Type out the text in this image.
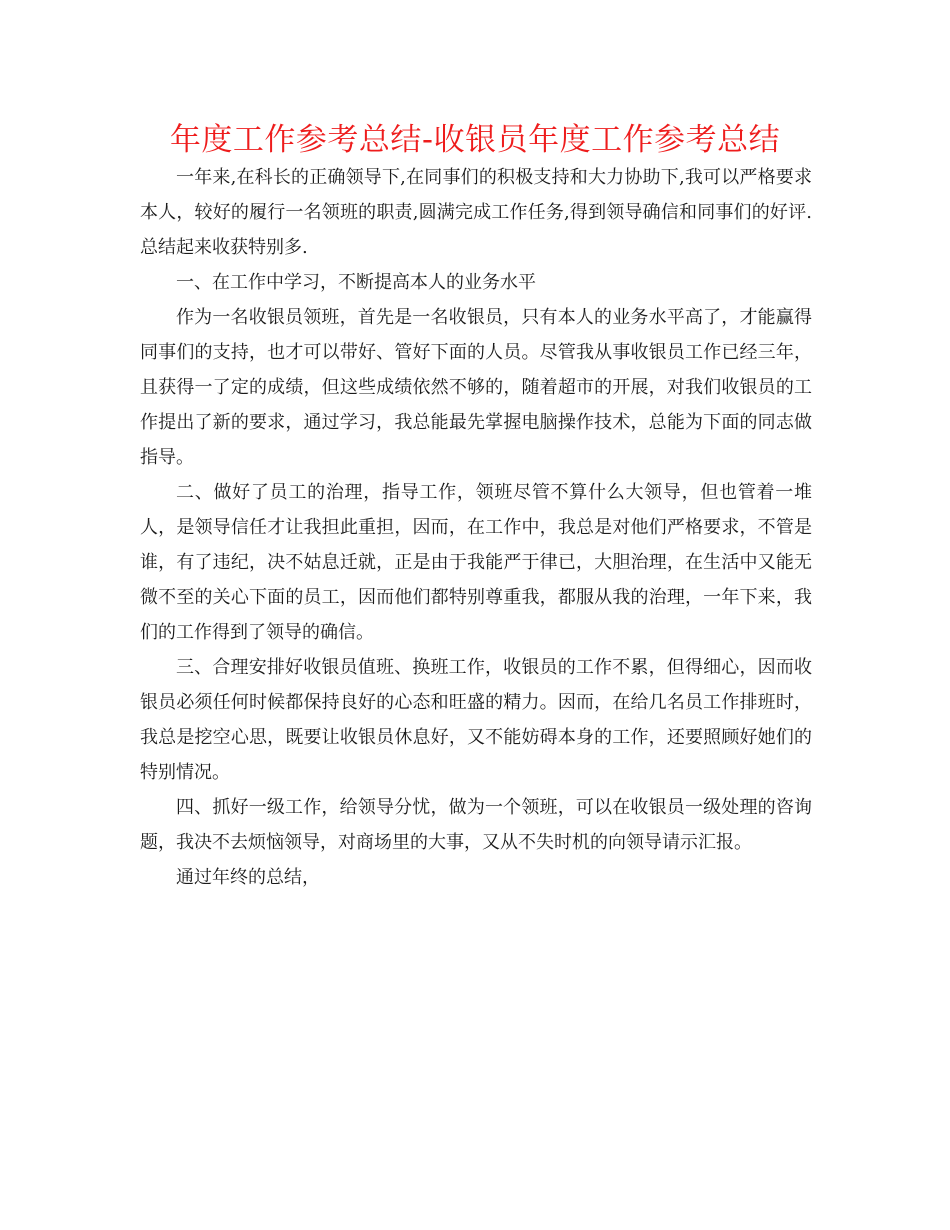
年度工作参考总结-收银员年度工作参考总结

一年来,在科长的正确领导下,在同事们的积极支持和大力协助下,我可以严格要求本人，较好的履行一名领班的职责,圆满完成工作任务,得到领导确信和同事们的好评.总结起来收获特别多.

一、在工作中学习，不断提高本人的业务水平

作为一名收银员领班，首先是一名收银员，只有本人的业务水平高了，才能赢得同事们的支持，也才可以带好、管好下面的人员。尽管我从事收银员工作已经三年，且获得一了定的成绩，但这些成绩依然不够的，随着超市的开展，对我们收银员的工作提出了新的要求，通过学习，我总能最先掌握电脑操作技术，总能为下面的同志做指导。

二、做好了员工的治理，指导工作，领班尽管不算什么大领导，但也管着一堆人，是领导信任才让我担此重担，因而，在工作中，我总是对他们严格要求，不管是谁，有了违纪，决不姑息迁就，正是由于我能严于律已，大胆治理，在生活中又能无微不至的关心下面的员工，因而他们都特别尊重我，都服从我的治理，一年下来，我们的工作得到了领导的确信。

三、合理安排好收银员值班、换班工作，收银员的工作不累，但得细心，因而收银员必须任何时候都保持良好的心态和旺盛的精力。因而，在给几名员工作排班时，我总是挖空心思，既要让收银员休息好，又不能妨碍本身的工作，还要照顾好她们的特别情况。

四、抓好一级工作，给领导分忧，做为一个领班，可以在收银员一级处理的咨询题，我决不去烦恼领导，对商场里的大事，又从不失时机的向领导请示汇报。

通过年终的总结，
